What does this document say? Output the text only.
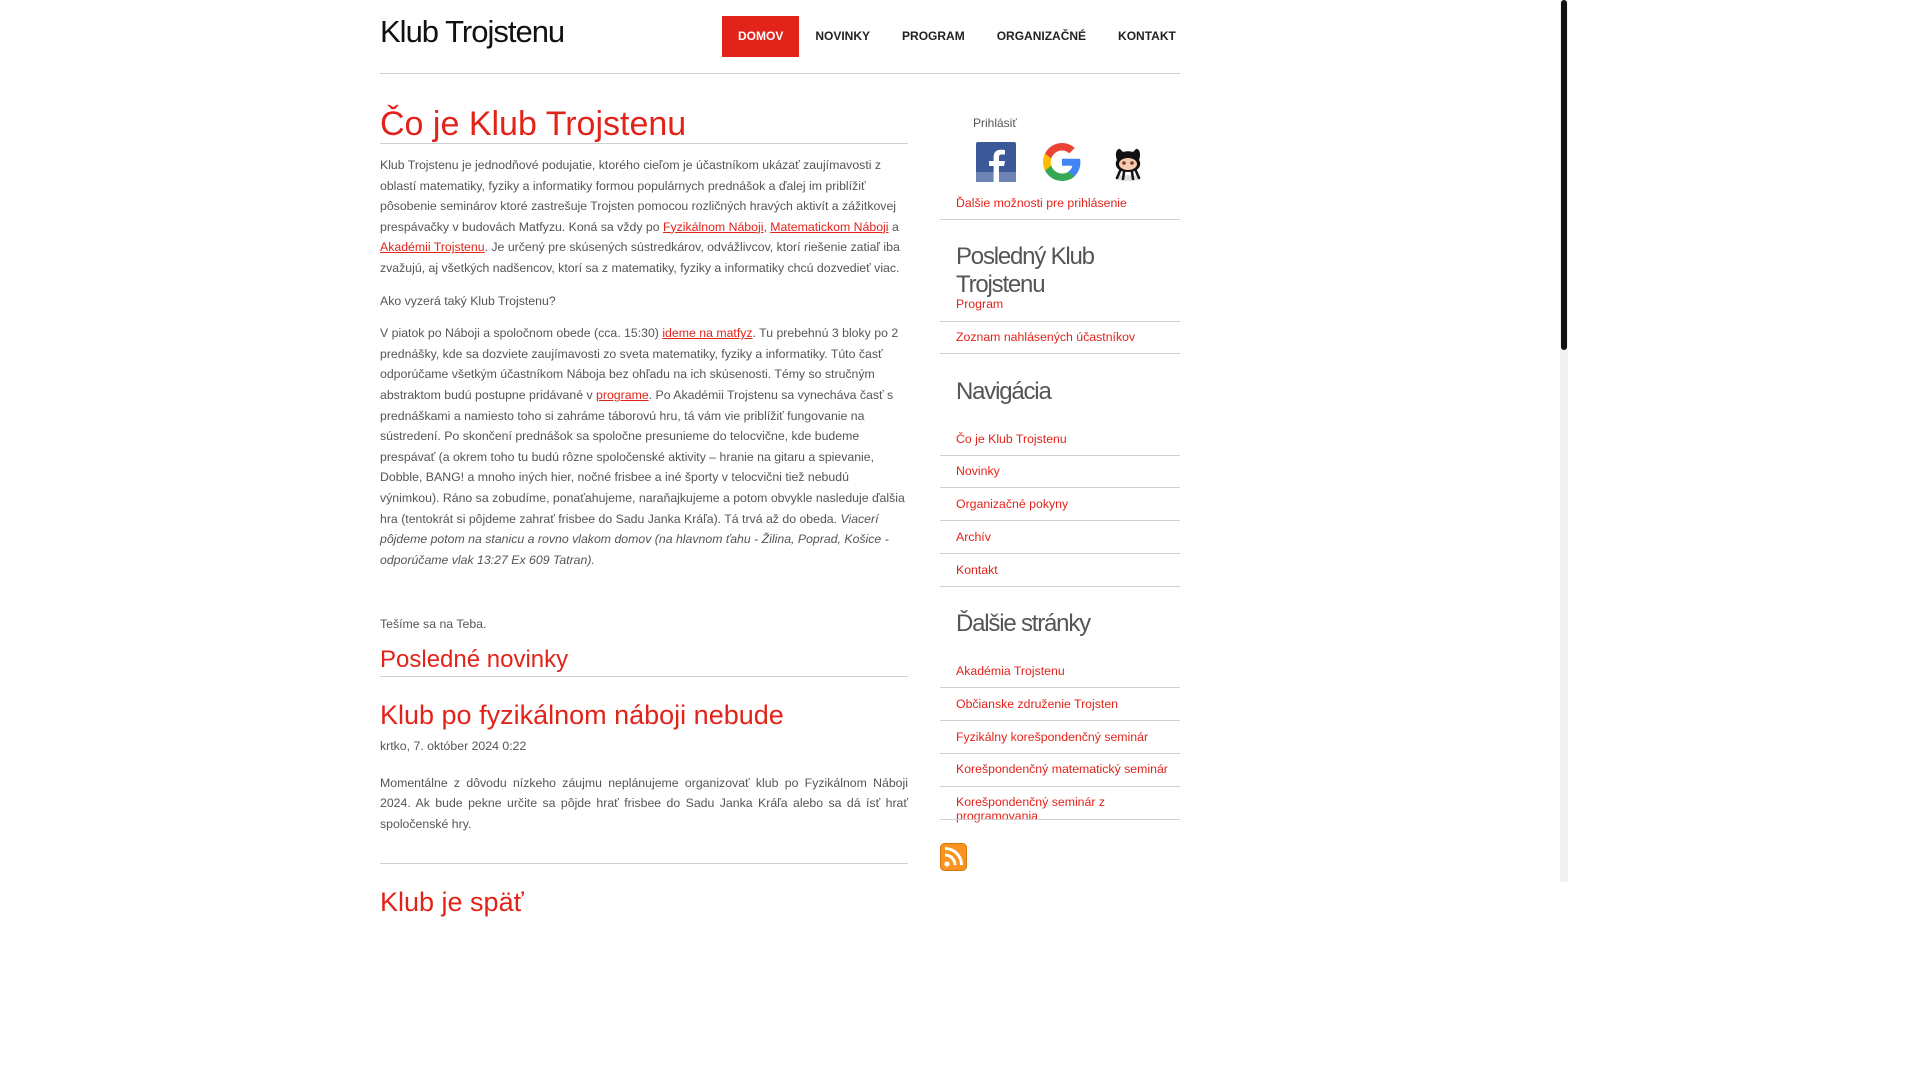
Klub Trojstenu	DOMOV	NOVINKY	PROGRAM	ORGANIZAČNÉ	KONTAKT
Čo je Klub Trojstenu

Klub Trojstenu je jednodňové podujatie, ktorého cieľom je účastníkom ukázať zaujímavosti z oblastí matematiky, fyziky a informatiky formou populárnych prednášok a ďalej im priblížiť pôsobenie seminárov ktoré zastrešuje Trojsten pomocou rozličných hravých aktivít a zážitkovej prespávačky v budovách Matfyzu. Koná sa vždy po Fyzikálnom Náboji, Matematickom Náboji a Akadémii Trojstenu. Je určený pre skúsených sústredkárov, odvážlivcov, ktorí riešenie zatiaľ iba zvažujú, aj všetkých nadšencov, ktorí sa z matematiky, fyziky a informatiky chcú dozvedieť viac.

Ako vyzerá taký Klub Trojstenu?

V piatok po Náboji a spoločnom obede (cca. 15:30) ideme na matfyz. Tu prebehnú 3 bloky po 2 prednášky, kde sa dozviete zaujímavosti zo sveta matematiky, fyziky a informatiky. Túto časť odporúčame všetkým účastníkom Náboja bez ohľadu na ich skúsenosti. Témy so stručným abstraktom budú postupne pridávané v programe. Po Akadémii Trojstenu sa vynecháva časť s prednáškami a namiesto toho si zahráme táborovú hru, tá vám vie priblížiť fungovanie na sústredení. Po skončení prednášok sa spoločne presunieme do telocvične, kde budeme prespávať (a okrem toho tu budú rôzne spoločenské aktivity – hranie na gitaru a spievanie, Dobble, BANG! a mnoho iných hier, nočné frisbee a iné športy v telocvični tiež nebudú výnimkou). Ráno sa zobudíme, ponaťahujeme, naraňajkujeme a potom obvykle nasleduje ďalšia hra (tentokrát si pôjdeme zahrať frisbee do Sadu Janka Kráľa). Tá trvá až do obeda. Viacerí pôjdeme potom na stanicu a rovno vlakom domov (na hlavnom ťahu - Žilina, Poprad, Košice - odporúčame vlak 13:27 Ex 609 Tatran).

Tešíme sa na Teba.

Posledné novinky
Klub po fyzikálnom náboji nebude
krtko, 7. október 2024 0:22

Momentálne z dôvodu nízkeho záujmu neplánujeme organizovať klub po Fyzikálnom Náboji 2024. Ak bude pekne určite sa pôjde hrať frisbee do Sadu Janka Kráľa alebo sa dá ísť hrať spoločenské hry.

Klub je späť
Prihlásiť
Ďalšie možnosti pre prihlásenie
Posledný Klub Trojstenu
Program
Zoznam nahlásených účastníkov
Navigácia
Čo je Klub Trojstenu
Novinky
Organizačné pokyny
Archív
Kontakt
Ďalšie stránky
Akadémia Trojstenu
Občianske združenie Trojsten
Fyzikálny korešpondenčný seminár
Korešpondenčný matematický seminár
Korešpondenčný seminár z programovania
